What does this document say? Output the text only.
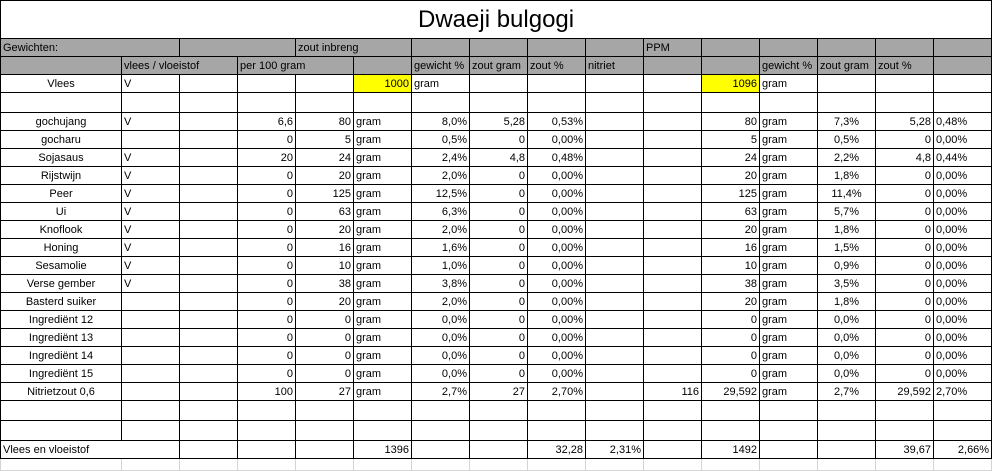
Dwaeji bulgogi															
Gewichten:				zout inbreng						PPM					
	vlees / vloeistof		per 100 gram			gewicht %	zout gram	zout %	nitriet			gewicht %	zout gram	zout %	
Vlees	V				1000	gram					1096	gram			

gochujang	V		6,6	80	gram	8,0%	5,28	0,53%			80	gram	7,3%	5,28	0,48%
gocharu			0	5	gram	0,5%	0	0,00%			5	gram	0,5%	0	0,00%
Sojasaus	V		20	24	gram	2,4%	4,8	0,48%			24	gram	2,2%	4,8	0,44%
Rijstwijn	V		0	20	gram	2,0%	0	0,00%			20	gram	1,8%	0	0,00%
Peer	V		0	125	gram	12,5%	0	0,00%			125	gram	11,4%	0	0,00%
Ui	V		0	63	gram	6,3%	0	0,00%			63	gram	5,7%	0	0,00%
Knoflook	V		0	20	gram	2,0%	0	0,00%			20	gram	1,8%	0	0,00%
Honing	V		0	16	gram	1,6%	0	0,00%			16	gram	1,5%	0	0,00%
Sesamolie	V		0	10	gram	1,0%	0	0,00%			10	gram	0,9%	0	0,00%
Verse gember	V		0	38	gram	3,8%	0	0,00%			38	gram	3,5%	0	0,00%
Basterd suiker			0	20	gram	2,0%	0	0,00%			20	gram	1,8%	0	0,00%
Ingrediënt 12			0	0	gram	0,0%	0	0,00%			0	gram	0,0%	0	0,00%
Ingrediënt 13			0	0	gram	0,0%	0	0,00%			0	gram	0,0%	0	0,00%
Ingrediënt 14			0	0	gram	0,0%	0	0,00%			0	gram	0,0%	0	0,00%
Ingrediënt 15			0	0	gram	0,0%	0	0,00%			0	gram	0,0%	0	0,00%
Nitrietzout 0,6			100	27	gram	2,7%	27	2,70%		116	29,592	gram	2,7%	29,592	2,70%

Vlees en vloeistof					1396			32,28	2,31%		1492			39,67	2,66%
